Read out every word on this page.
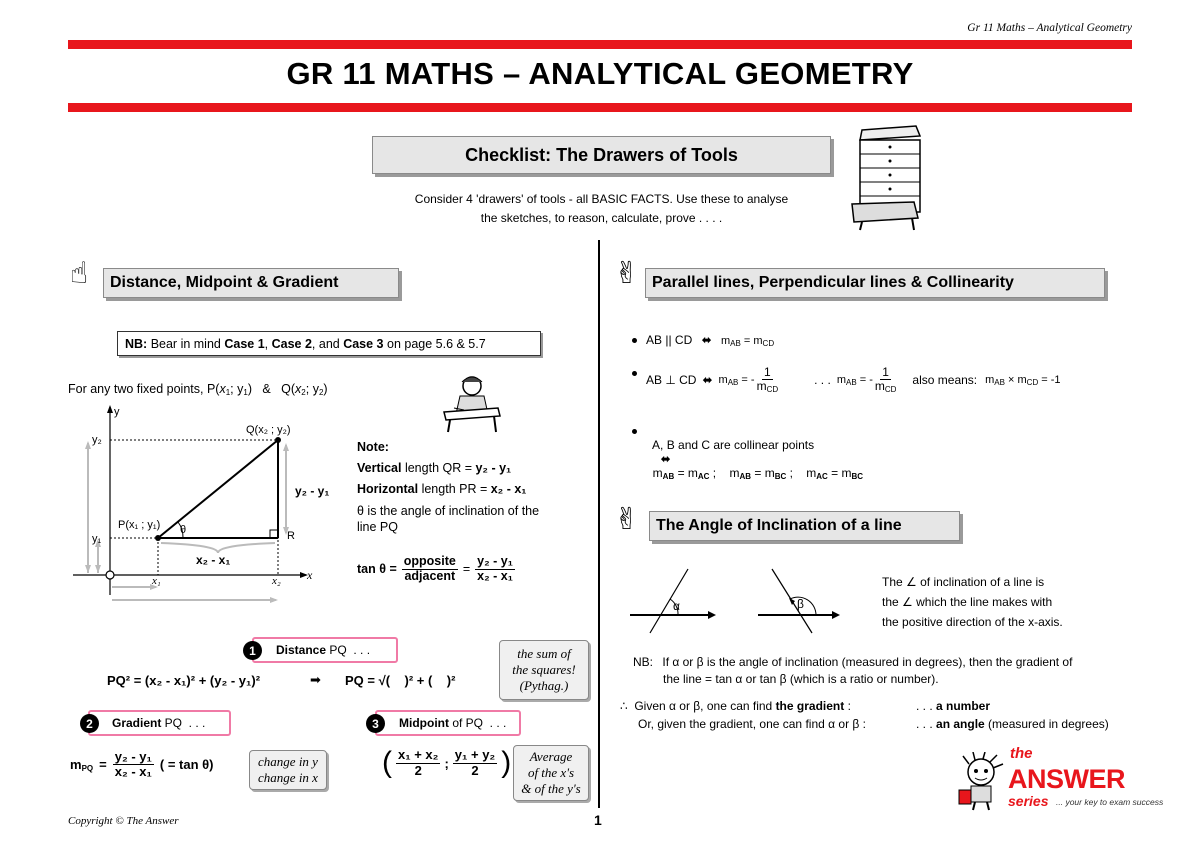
Gr 11 Maths – Analytical Geometry
GR 11 MATHS – ANALYTICAL GEOMETRY
Checklist: The Drawers of Tools
Consider 4 'drawers' of tools - all BASIC FACTS. Use these to analyse
the sketches, to reason, calculate, prove . . . .
☝ Distance, Midpoint & Gradient
NB: Bear in mind Case 1 , Case 2 , and Case 3 on page 5.6 & 5.7
For any two fixed points, $P(x_1$; $y_1$)   &   $Q(x_2$; $y_2$)
y
x
Q(x₂ ; y₂)
P(x₁ ; y₁)
R
y₂
y₁
x₁	x₂
θ
y₂ - y₁
x₂ - x₁
Note:
Vertical length QR = y₂ - y₁
Horizontal length PR = x₂ - x₁
θ is the angle of inclination of the
line PQ
$\tan \theta = \frac{\text{opposite}}{\text{adjacent}} = \frac{\text{y₂ - y₁}}{\text{x₂ - x₁}}$
Distance PQ  . . .
1
PQ² = (x₂ - x₁)² + (y₂ - y₁)²	➡ PQ = √(    )² + (    )²
the sum of
the squares!
(Pythag.)
Gradient PQ  . . .
2
$m_{PQ} = \frac{\text{y₂ - y₁}}{\text{x₂ - x₁}}$ ( = tan θ)	change in y
change in x
Midpoint of PQ  . . .
3
( $\frac{\text{x₁ + x₂}}{2}$ ; $\frac{\text{y₁ + y₂}}{2}$ )	Average
of the x's
& of the y's
Copyright © The Answer	1
✌ Parallel lines, Perpendicular lines & Collinearity
AB || CD ⬌ $m_{AB} = m_{CD}$
AB ⊥ CD ⬌ $m_{AB}$ = - $\frac{1}{m_{CD}}$	. . . $m_{AB}$ = - $\frac{1}{m_{CD}}$ also means: $m_{AB} \times m_{CD} = -1$

A, B and C are collinear points
⬌
$m_{AB} = m_{AC}$ ;    $m_{AB} = m_{BC}$ ;    $m_{AC} = m_{BC}$

✌ The Angle of Inclination of a line
α	β
The ∠ of inclination of a line is
the ∠ which the line makes with
the positive direction of the x-axis.
NB: If α or β is the angle of inclination (measured in degrees), then the gradient of
the line = tan α or tan β (which is a ratio or number).
∴ Given α or β, one can find the gradient :	. . . a number
Or, given the gradient, one can find α or β :	. . . an angle (measured in degrees)
the
ANSWER
series ... your key to exam success
